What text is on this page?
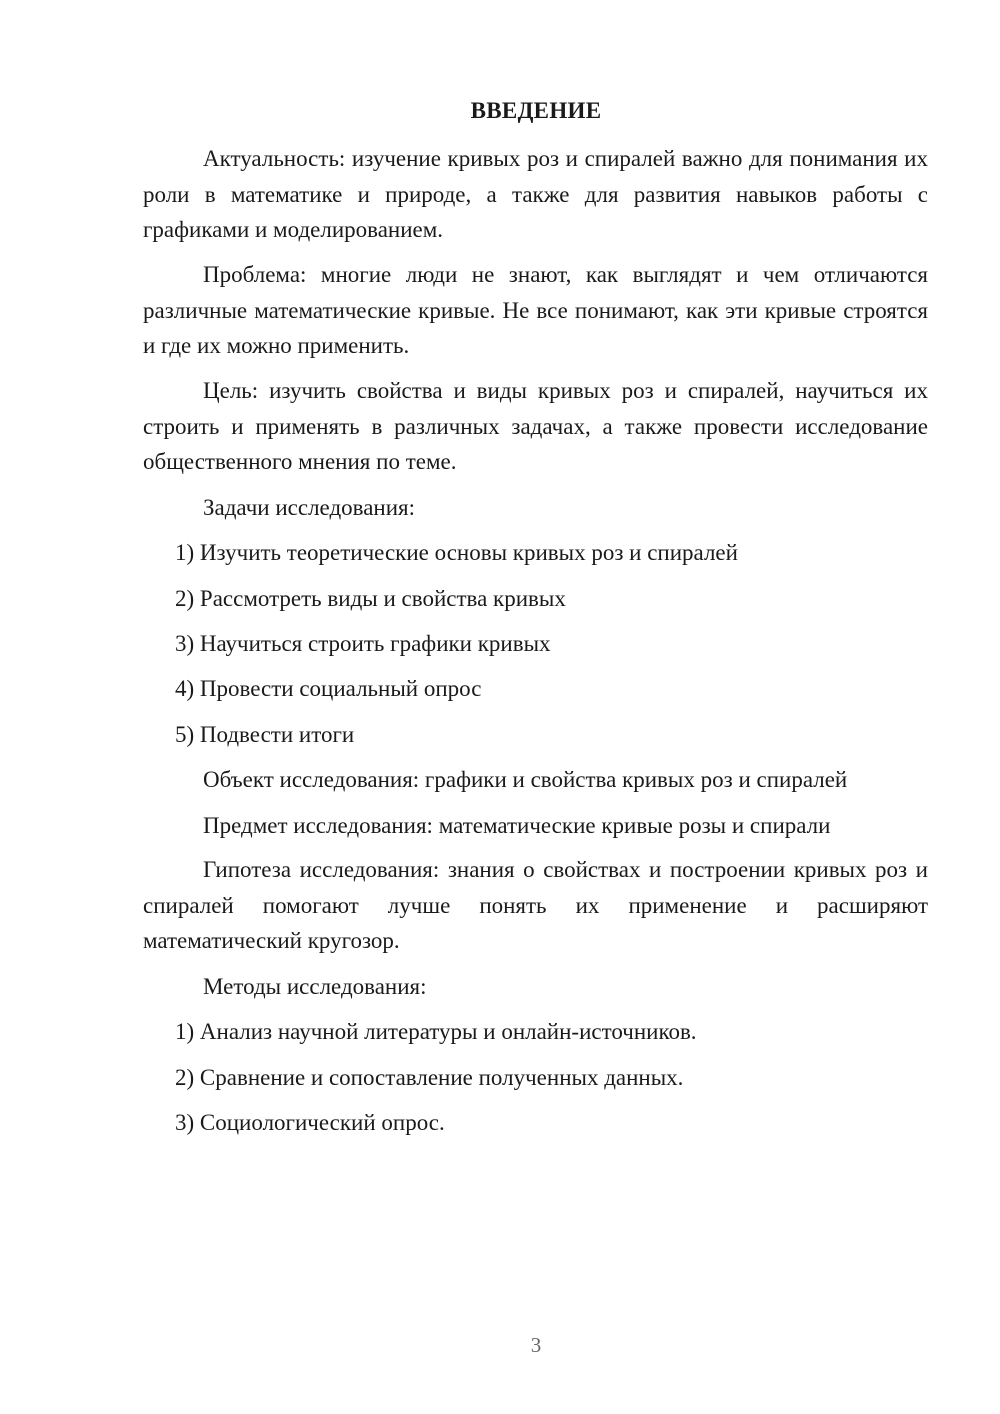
ВВЕДЕНИЕ

Актуальность: изучение кривых роз и спиралей важно для понимания их роли в математике и природе, а также для развития навыков работы с графиками и моделированием.

Проблема: многие люди не знают, как выглядят и чем отличаются различные математические кривые. Не все понимают, как эти кривые строятся и где их можно применить.

Цель: изучить свойства и виды кривых роз и спиралей, научиться их строить и применять в различных задачах, а также провести исследование общественного мнения по теме.

Задачи исследования:
1) Изучить теоретические основы кривых роз и спиралей
2) Рассмотреть виды и свойства кривых
3) Научиться строить графики кривых
4) Провести социальный опрос
5) Подвести итоги
Объект исследования: графики и свойства кривых роз и спиралей
Предмет исследования: математические кривые розы и спирали

Гипотеза исследования: знания о свойствах и построении кривых роз и спиралей помогают лучше понять их применение и расширяют математический кругозор.

Методы исследования:
1) Анализ научной литературы и онлайн-источников.
2) Сравнение и сопоставление полученных данных.
3) Социологический опрос.
3
